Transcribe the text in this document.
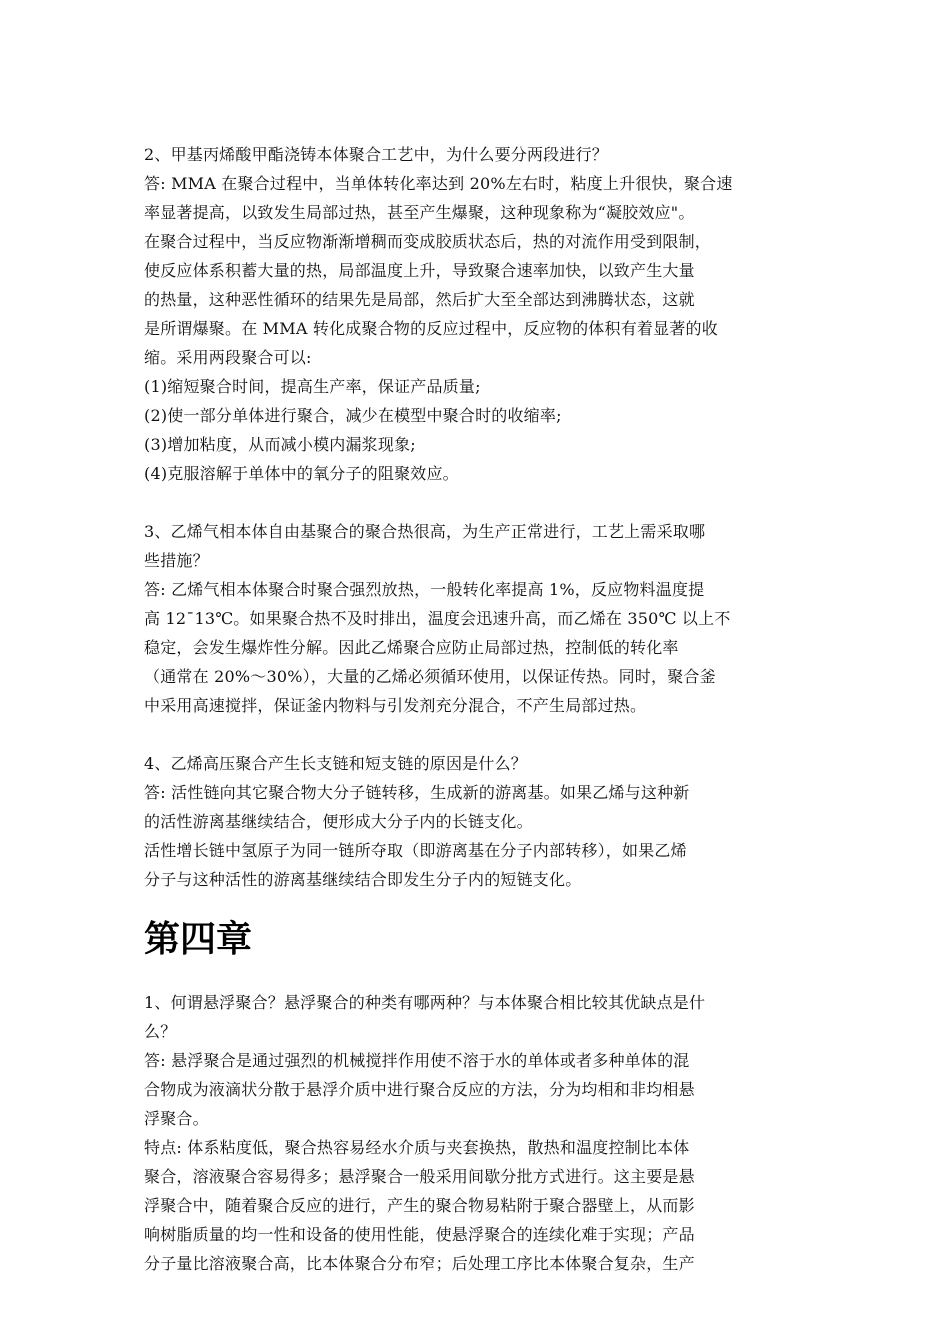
2、甲基丙烯酸甲酯浇铸本体聚合工艺中，为什么要分两段进行？
答: MMA 在聚合过程中，当单体转化率达到 20%左右时，粘度上升很快，聚合速
率显著提高，以致发生局部过热，甚至产生爆聚，这种现象称为“凝胶效应"。
在聚合过程中，当反应物渐渐增稠而变成胶质状态后，热的对流作用受到限制，
使反应体系积蓄大量的热，局部温度上升，导致聚合速率加快，以致产生大量
的热量，这种恶性循环的结果先是局部，然后扩大至全部达到沸腾状态，这就
是所谓爆聚。在 MMA 转化成聚合物的反应过程中，反应物的体积有着显著的收
缩。采用两段聚合可以:
(1)缩短聚合时间，提高生产率，保证产品质量;
(2)使一部分单体进行聚合，减少在模型中聚合时的收缩率;
(3)增加粘度，从而减小模内漏浆现象;
(4)克服溶解于单体中的氧分子的阻聚效应。
3、乙烯气相本体自由基聚合的聚合热很高，为生产正常进行，工艺上需采取哪
些措施？
答: 乙烯气相本体聚合时聚合强烈放热，一般转化率提高 1%，反应物料温度提
高 12¯13℃。如果聚合热不及时排出，温度会迅速升高，而乙烯在 350℃ 以上不
稳定，会发生爆炸性分解。因此乙烯聚合应防止局部过热，控制低的转化率
（通常在 20%～30%），大量的乙烯必须循环使用，以保证传热。同时，聚合釜
中采用高速搅拌，保证釜内物料与引发剂充分混合，不产生局部过热。
4、乙烯高压聚合产生长支链和短支链的原因是什么？
答: 活性链向其它聚合物大分子链转移，生成新的游离基。如果乙烯与这种新
的活性游离基继续结合，便形成大分子内的长链支化。
活性增长链中氢原子为同一链所夺取（即游离基在分子内部转移），如果乙烯
分子与这种活性的游离基继续结合即发生分子内的短链支化。
第四章
1、何谓悬浮聚合？悬浮聚合的种类有哪两种？与本体聚合相比较其优缺点是什
么？
答: 悬浮聚合是通过强烈的机械搅拌作用使不溶于水的单体或者多种单体的混
合物成为液滴状分散于悬浮介质中进行聚合反应的方法，分为均相和非均相悬
浮聚合。
特点: 体系粘度低，聚合热容易经水介质与夹套换热，散热和温度控制比本体
聚合，溶液聚合容易得多；悬浮聚合一般采用间歇分批方式进行。这主要是悬
浮聚合中，随着聚合反应的进行，产生的聚合物易粘附于聚合器壁上，从而影
响树脂质量的均一性和设备的使用性能，使悬浮聚合的连续化难于实现；产品
分子量比溶液聚合高，比本体聚合分布窄；后处理工序比本体聚合复杂，生产
